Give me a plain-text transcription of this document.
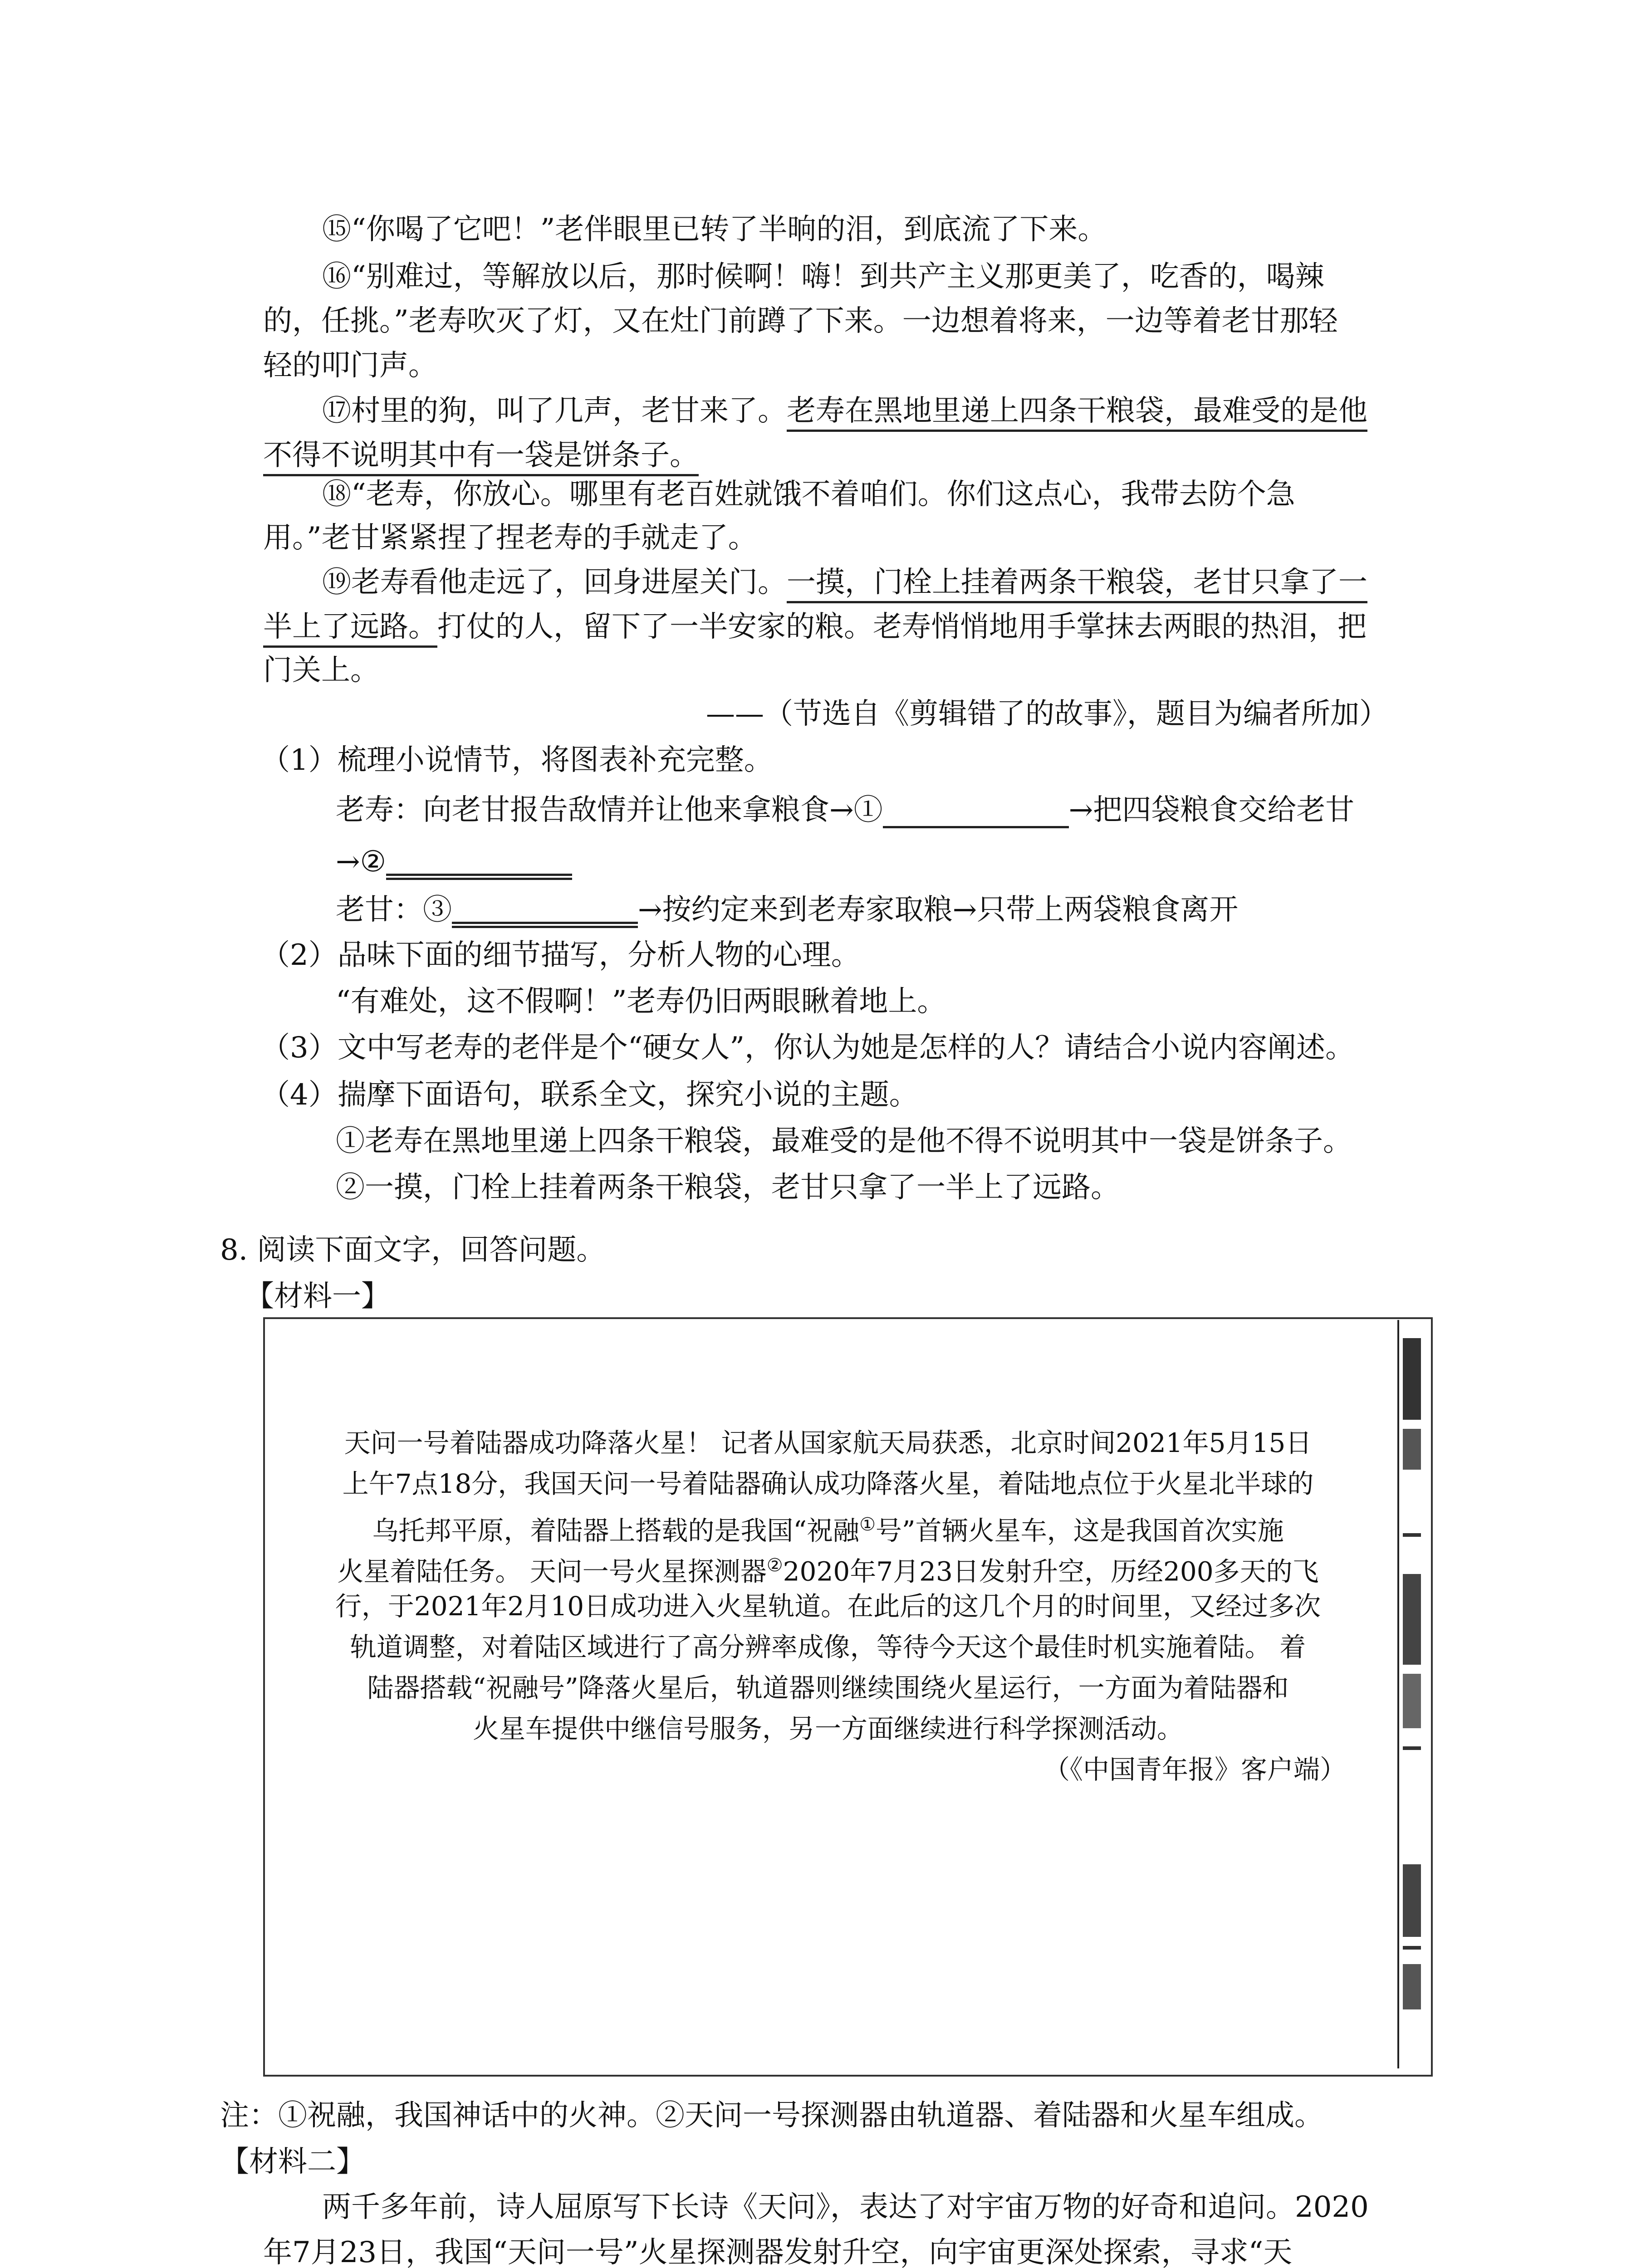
⑮“你喝了它吧！”老伴眼里已转了半晌的泪，到底流了下来。
⑯“别难过，等解放以后，那时候啊！嗨！到共产主义那更美了，吃香的，喝辣
的，任挑。”老寿吹灭了灯，又在灶门前蹲了下来。一边想着将来，一边等着老甘那轻
轻的叩门声。
⑰村里的狗，叫了几声，老甘来了。老寿在黑地里递上四条干粮袋，最难受的是他
不得不说明其中有一袋是饼条子。
⑱“老寿，你放心。哪里有老百姓就饿不着咱们。你们这点心，我带去防个急
用。”老甘紧紧捏了捏老寿的手就走了。
⑲老寿看他走远了，回身进屋关门。一摸，门栓上挂着两条干粮袋，老甘只拿了一
半上了远路。打仗的人，留下了一半安家的粮。老寿悄悄地用手掌抹去两眼的热泪，把
门关上。
——（节选自《剪辑错了的故事》，题目为编者所加）
（1）梳理小说情节，将图表补充完整。
老寿：向老甘报告敌情并让他来拿粮食→①	→把四袋粮食交给老甘
→②
老甘：③	→按约定来到老寿家取粮→只带上两袋粮食离开
（2）品味下面的细节描写，分析人物的心理。
“有难处，这不假啊！”老寿仍旧两眼瞅着地上。
（3）文中写老寿的老伴是个“硬女人”，你认为她是怎样的人？请结合小说内容阐述。
（4）揣摩下面语句，联系全文，探究小说的主题。
①老寿在黑地里递上四条干粮袋，最难受的是他不得不说明其中一袋是饼条子。
②一摸，门栓上挂着两条干粮袋，老甘只拿了一半上了远路。
8. 阅读下面文字，回答问题。
【材料一】
天问一号着陆器成功降落火星！ 记者从国家航天局获悉，北京时间2021年5月15日
上午7点18分，我国天问一号着陆器确认成功降落火星，着陆地点位于火星北半球的
乌托邦平原，着陆器上搭载的是我国“祝融①号”首辆火星车，这是我国首次实施
火星着陆任务。 天问一号火星探测器②2020年7月23日发射升空，历经200多天的飞
行，于2021年2月10日成功进入火星轨道。在此后的这几个月的时间里，又经过多次
轨道调整，对着陆区域进行了高分辨率成像，等待今天这个最佳时机实施着陆。 着
陆器搭载“祝融号”降落火星后，轨道器则继续围绕火星运行，一方面为着陆器和
火星车提供中继信号服务，另一方面继续进行科学探测活动。
（《中国青年报》客户端）
注：①祝融，我国神话中的火神。②天问一号探测器由轨道器、着陆器和火星车组成。
【材料二】
两千多年前，诗人屈原写下长诗《天问》，表达了对宇宙万物的好奇和追问。2020
年7月23日，我国“天问一号”火星探测器发射升空，向宇宙更深处探索，寻求“天
